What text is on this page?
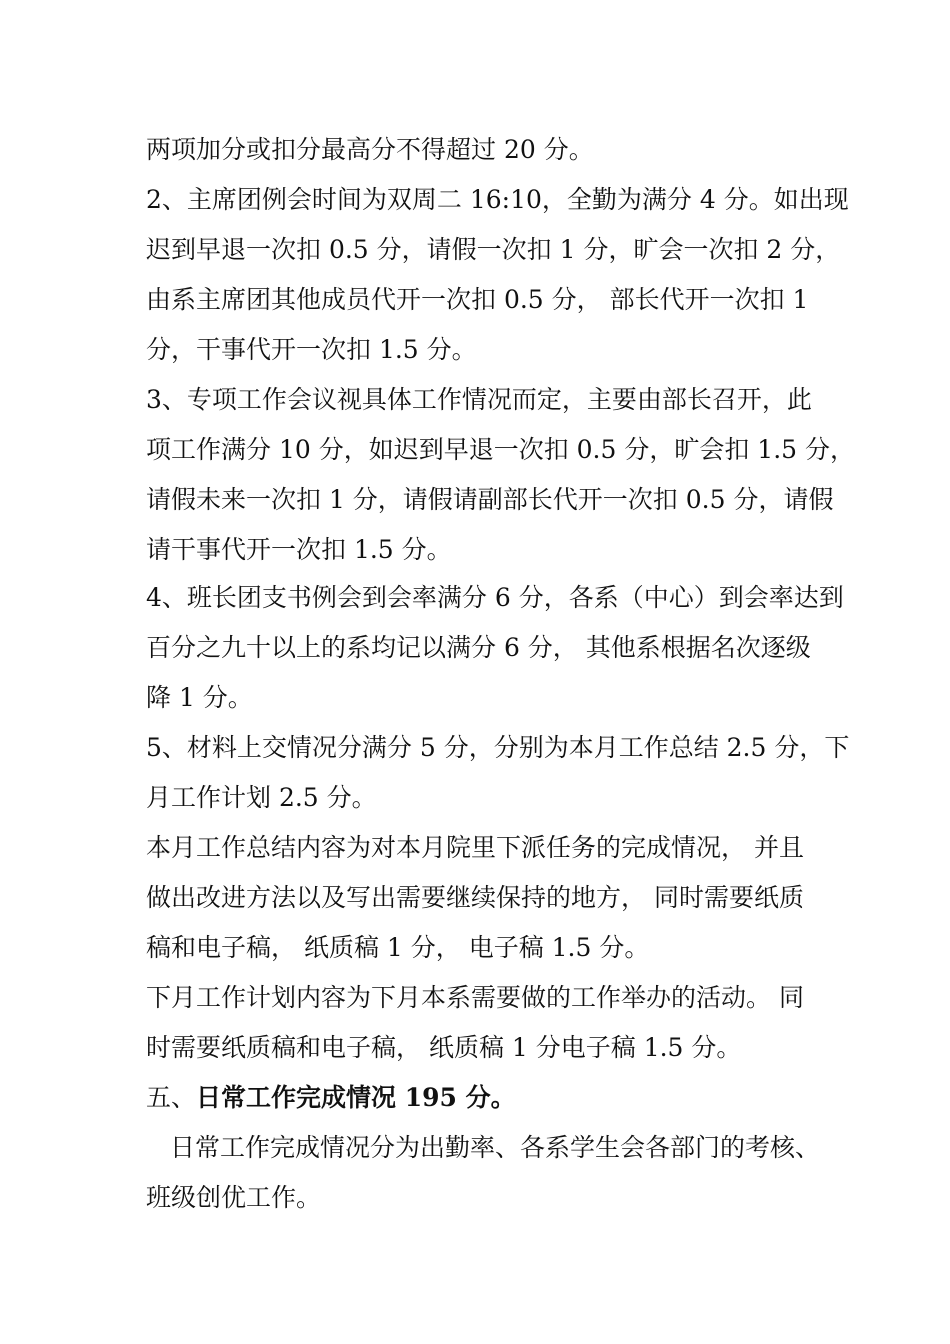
两项加分或扣分最高分不得超过 20 分。

2、主席团例会时间为双周二 16:10，全勤为满分 4 分。如出现

迟到早退一次扣 0.5 分，请假一次扣 1 分，旷会一次扣 2 分，

由系主席团其他成员代开一次扣 0.5 分， 部长代开一次扣 1

分，干事代开一次扣 1.5 分。

3、专项工作会议视具体工作情况而定，主要由部长召开，此

项工作满分 10 分，如迟到早退一次扣 0.5 分，旷会扣 1.5 分，

请假未来一次扣 1 分，请假请副部长代开一次扣 0.5 分，请假

请干事代开一次扣 1.5 分。

4、班长团支书例会到会率满分 6 分，各系（中心）到会率达到

百分之九十以上的系均记以满分 6 分， 其他系根据名次逐级

降 1 分。

5、材料上交情况分满分 5 分，分别为本月工作总结 2.5 分，下

月工作计划 2.5 分。

本月工作总结内容为对本月院里下派任务的完成情况， 并且

做出改进方法以及写出需要继续保持的地方， 同时需要纸质

稿和电子稿， 纸质稿 1 分， 电子稿 1.5 分。

下月工作计划内容为下月本系需要做的工作举办的活动。 同

时需要纸质稿和电子稿， 纸质稿 1 分电子稿 1.5 分。

五、日常工作完成情况 195 分。

日常工作完成情况分为出勤率、各系学生会各部门的考核、

班级创优工作。
